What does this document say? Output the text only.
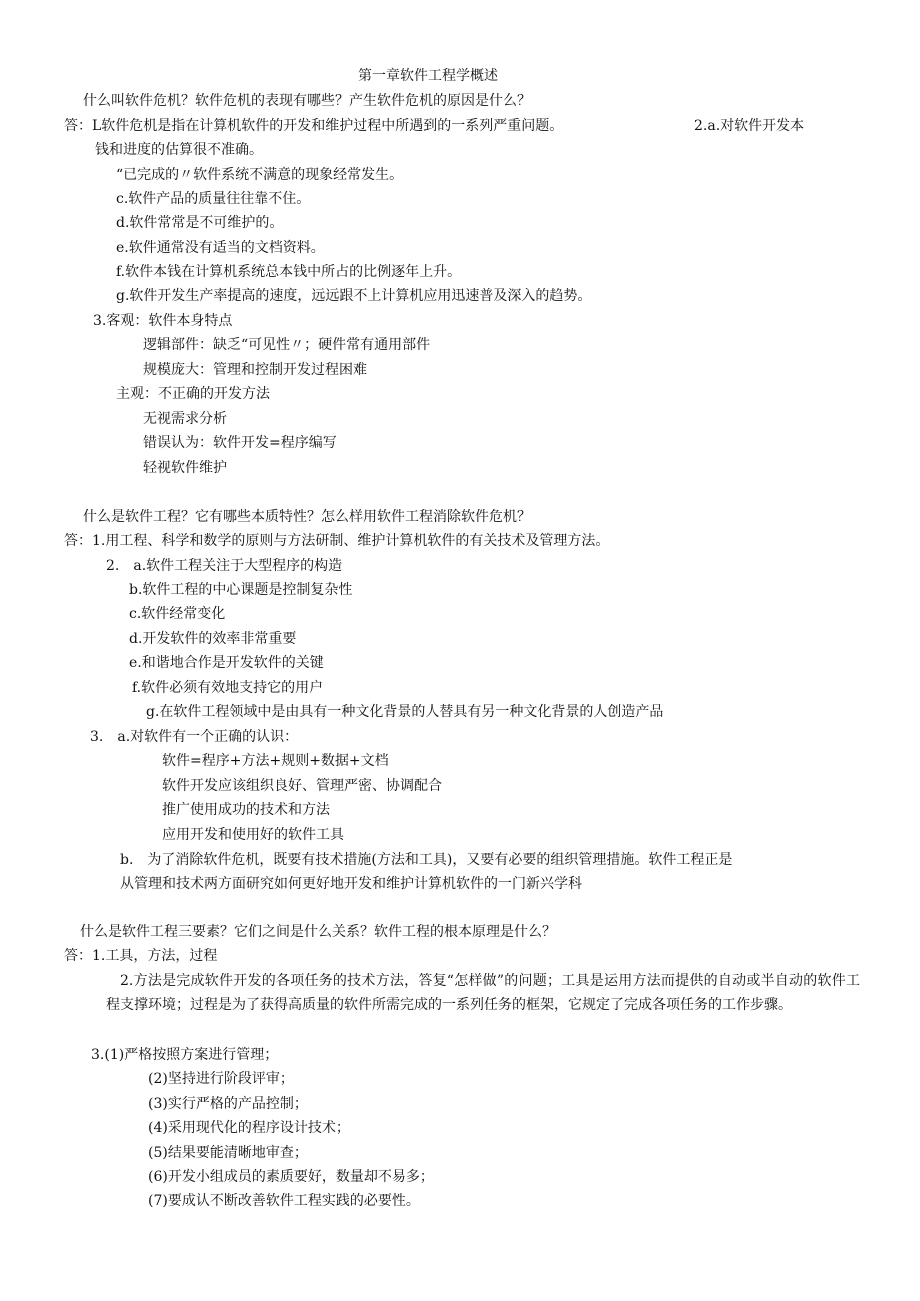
第一章软件工程学概述
什么叫软件危机？软件危机的表现有哪些？产生软件危机的原因是什么？
答：L软件危机是指在计算机软件的开发和维护过程中所遇到的一系列严重问题。	2.a.对软件开发本
钱和进度的估算很不准确。
“已完成的〃软件系统不满意的现象经常发生。
c.软件产品的质量往往靠不住。
d.软件常常是不可维护的。
e.软件通常没有适当的文档资料。
f.软件本钱在计算机系统总本钱中所占的比例逐年上升。
g.软件开发生产率提高的速度，远远跟不上计算机应用迅速普及深入的趋势。
3.客观：软件本身特点
逻辑部件：缺乏“可见性〃；硬件常有通用部件
规模庞大：管理和控制开发过程困难
主观：不正确的开发方法
无视需求分析
错误认为：软件开发=程序编写
轻视软件维护
什么是软件工程？它有哪些本质特性？怎么样用软件工程消除软件危机？
答：1.用工程、科学和数学的原则与方法研制、维护计算机软件的有关技术及管理方法。
2.　a.软件工程关注于大型程序的构造
b.软件工程的中心课题是控制复杂性
c.软件经常变化
d.开发软件的效率非常重要
e.和谐地合作是开发软件的关键
f.软件必须有效地支持它的用户
g.在软件工程领域中是由具有一种文化背景的人替具有另一种文化背景的人创造产品
3.　a.对软件有一个正确的认识：
软件=程序+方法+规则+数据+文档
软件开发应该组织良好、管理严密、协调配合
推广使用成功的技术和方法
应用开发和使用好的软件工具
b.　为了消除软件危机，既要有技术措施(方法和工具)，又要有必要的组织管理措施。软件工程正是
从管理和技术两方面研究如何更好地开发和维护计算机软件的一门新兴学科
什么是软件工程三要素？它们之间是什么关系？软件工程的根本原理是什么？
答：1.工具，方法，过程
2.方法是完成软件开发的各项任务的技术方法，答复“怎样做”的问题；工具是运用方法而提供的自动或半自动的软件工程支撑环境；过程是为了获得高质量的软件所需完成的一系列任务的框架，它规定了完成各项任务的工作步骤。
3.(1)严格按照方案进行管理；
(2)坚持进行阶段评审；
(3)实行严格的产品控制；
(4)采用现代化的程序设计技术；
(5)结果要能清晰地审查；
(6)开发小组成员的素质要好，数量却不易多；
(7)要成认不断改善软件工程实践的必要性。
